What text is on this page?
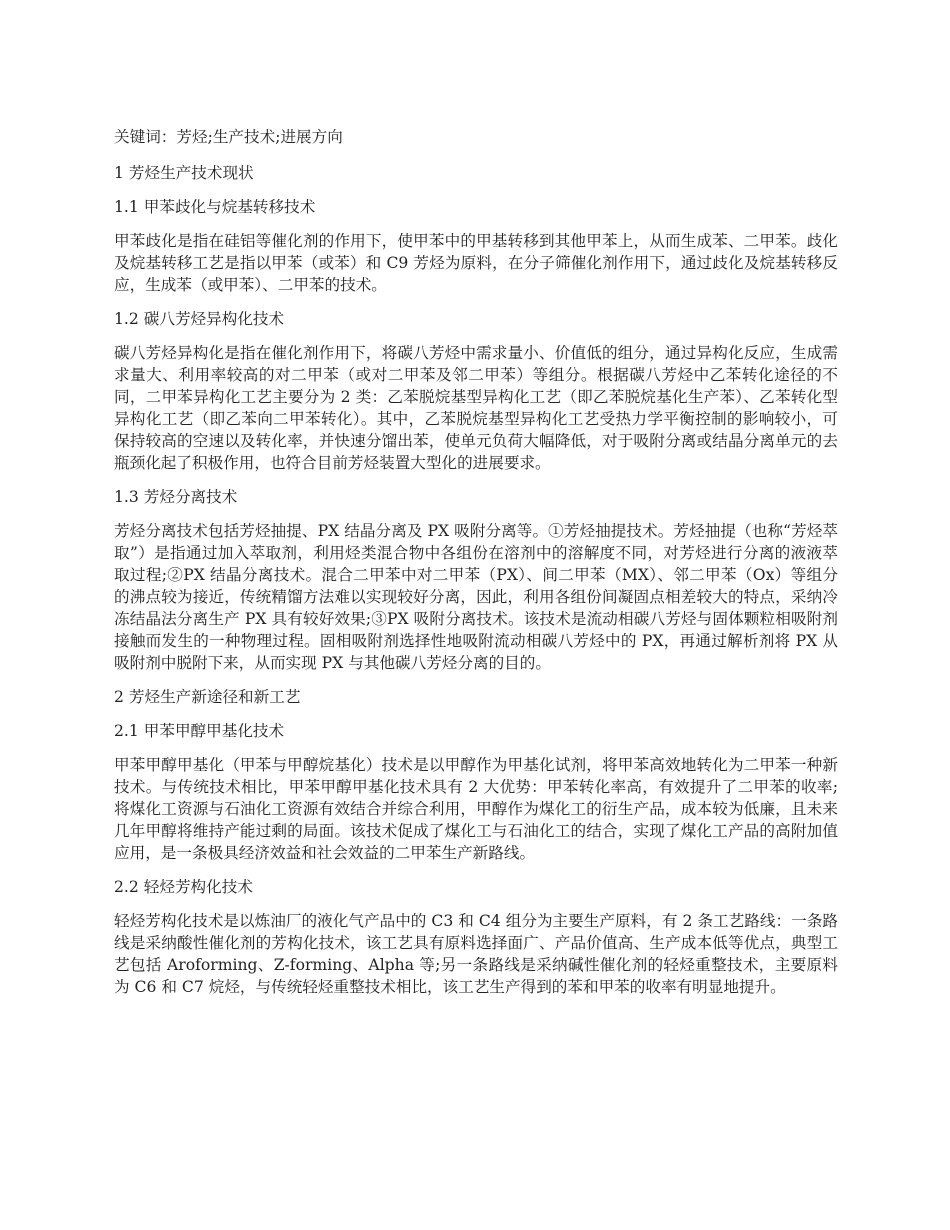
关键词：芳烃;生产技术;进展方向
1 芳烃生产技术现状
1.1 甲苯歧化与烷基转移技术
甲苯歧化是指在硅铝等催化剂的作用下，使甲苯中的甲基转移到其他甲苯上，从而生成苯、二甲苯。歧化及烷基转移工艺是指以甲苯（或苯）和 C9 芳烃为原料，在分子筛催化剂作用下，通过歧化及烷基转移反应，生成苯（或甲苯）、二甲苯的技术。
1.2 碳八芳烃异构化技术
碳八芳烃异构化是指在催化剂作用下，将碳八芳烃中需求量小、价值低的组分，通过异构化反应，生成需求量大、利用率较高的对二甲苯（或对二甲苯及邻二甲苯）等组分。根据碳八芳烃中乙苯转化途径的不同，二甲苯异构化工艺主要分为 2 类：乙苯脱烷基型异构化工艺（即乙苯脱烷基化生产苯）、乙苯转化型异构化工艺（即乙苯向二甲苯转化）。其中，乙苯脱烷基型异构化工艺受热力学平衡控制的影响较小，可保持较高的空速以及转化率，并快速分馏出苯，使单元负荷大幅降低，对于吸附分离或结晶分离单元的去瓶颈化起了积极作用，也符合目前芳烃装置大型化的进展要求。
1.3 芳烃分离技术
芳烃分离技术包括芳烃抽提、PX 结晶分离及 PX 吸附分离等。①芳烃抽提技术。芳烃抽提（也称“芳烃萃取”）是指通过加入萃取剂，利用烃类混合物中各组份在溶剂中的溶解度不同，对芳烃进行分离的液液萃取过程;②PX 结晶分离技术。混合二甲苯中对二甲苯（PX）、间二甲苯（MX）、邻二甲苯（Ox）等组分的沸点较为接近，传统精馏方法难以实现较好分离，因此，利用各组份间凝固点相差较大的特点，采纳冷冻结晶法分离生产 PX 具有较好效果;③PX 吸附分离技术。该技术是流动相碳八芳烃与固体颗粒相吸附剂接触而发生的一种物理过程。固相吸附剂选择性地吸附流动相碳八芳烃中的 PX，再通过解析剂将 PX 从吸附剂中脱附下来，从而实现 PX 与其他碳八芳烃分离的目的。
2 芳烃生产新途径和新工艺
2.1 甲苯甲醇甲基化技术
甲苯甲醇甲基化（甲苯与甲醇烷基化）技术是以甲醇作为甲基化试剂，将甲苯高效地转化为二甲苯一种新技术。与传统技术相比，甲苯甲醇甲基化技术具有 2 大优势：甲苯转化率高，有效提升了二甲苯的收率;将煤化工资源与石油化工资源有效结合并综合利用，甲醇作为煤化工的衍生产品，成本较为低廉，且未来几年甲醇将维持产能过剩的局面。该技术促成了煤化工与石油化工的结合，实现了煤化工产品的高附加值应用，是一条极具经济效益和社会效益的二甲苯生产新路线。
2.2 轻烃芳构化技术
轻烃芳构化技术是以炼油厂的液化气产品中的 C3 和 C4 组分为主要生产原料，有 2 条工艺路线：一条路线是采纳酸性催化剂的芳构化技术，该工艺具有原料选择面广、产品价值高、生产成本低等优点，典型工艺包括 Aroforming、Z-forming、Alpha 等;另一条路线是采纳碱性催化剂的轻烃重整技术，主要原料为 C6 和 C7 烷烃，与传统轻烃重整技术相比，该工艺生产得到的苯和甲苯的收率有明显地提升。
